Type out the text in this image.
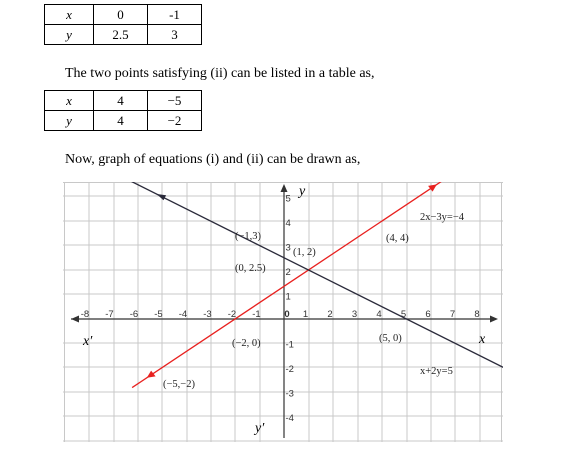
x	0	-1
y	2.5	3
The two points satisfying (ii) can be listed in a table as,
x	4	−5
y	4	−2
Now, graph of equations (i) and (ii) can be drawn as,
-8 -7 -6 -5 -4 -3 -2 -1 0 1 2 3 4 5 6 7 8
1
2
3
4
5
-1
-2
-3
-4
x
x′
y
y′
(−1,3)
(0, 2.5)
(1, 2)
(4, 4)
(−2, 0)	(5, 0)
(−5,−2)
2x−3y=−4
x+2y=5
